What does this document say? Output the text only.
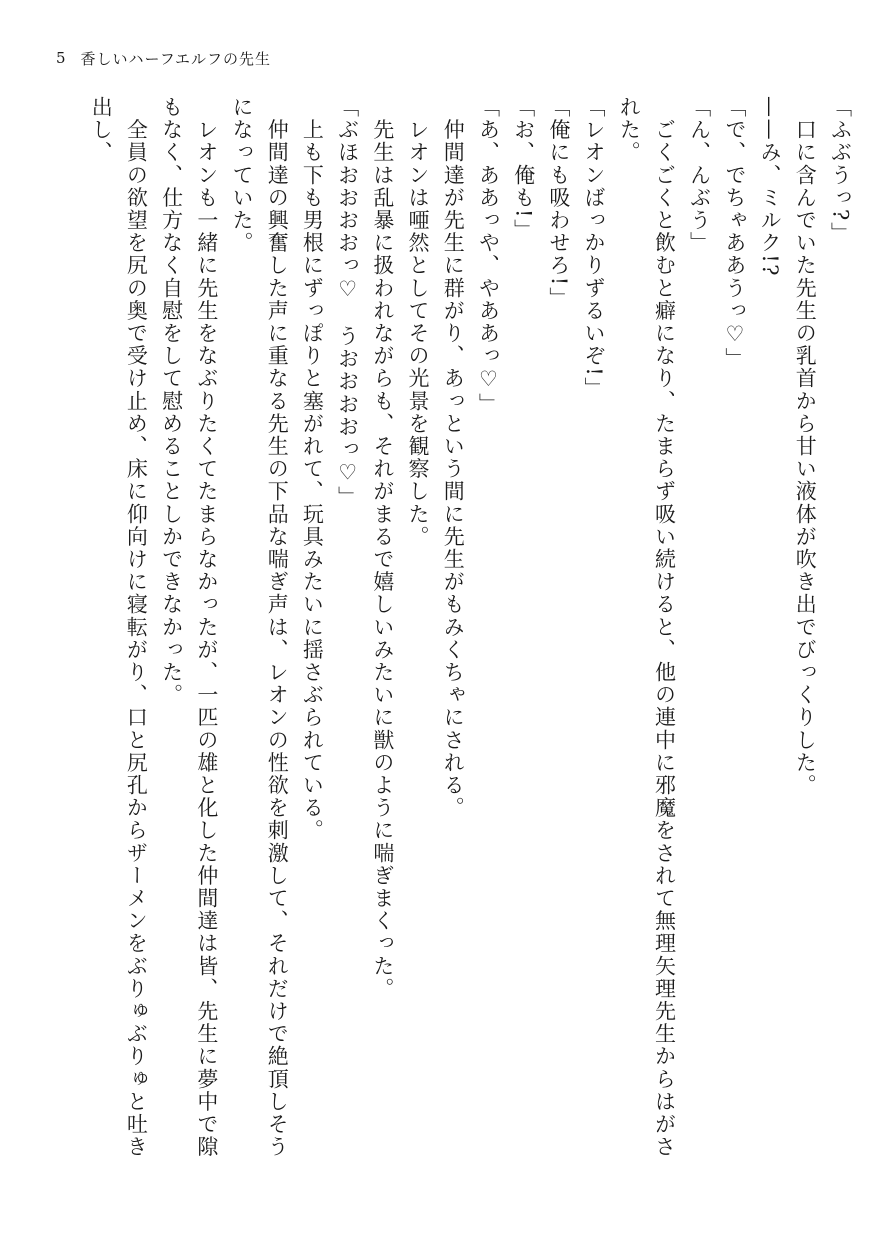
5 香しいハーフエルフの先生

「ふぶうっ?」

　口に含んでいた先生の乳首から甘い液体が吹き出でびっくりした。

——み、ミルク!?

「で、でちゃああうっ♡」

「ん、んぶう」

　ごくごくと飲むと癖になり、たまらず吸い続けると、他の連中に邪魔をされて無理矢理先生からはがされた。

「レオンばっかりずるいぞ!」

「俺にも吸わせろ!」

「お、俺も!」

「あ、ああっや、やああっ♡」

　仲間達が先生に群がり、あっという間に先生がもみくちゃにされる。

　レオンは唖然としてその光景を観察した。

　先生は乱暴に扱われながらも、それがまるで嬉しいみたいに獣のように喘ぎまくった。

「ぶほおおおおっ♡　うおおおおっ♡」

　上も下も男根にずっぽりと塞がれて、玩具みたいに揺さぶられている。

　仲間達の興奮した声に重なる先生の下品な喘ぎ声は、レオンの性欲を刺激して、それだけで絶頂しそうになっていた。

　レオンも一緒に先生をなぶりたくてたまらなかったが、一匹の雄と化した仲間達は皆、先生に夢中で隙もなく、仕方なく自慰をして慰めることしかできなかった。

　全員の欲望を尻の奥で受け止め、床に仰向けに寝転がり、口と尻孔からザーメンをぶりゅぶりゅと吐き出し、
